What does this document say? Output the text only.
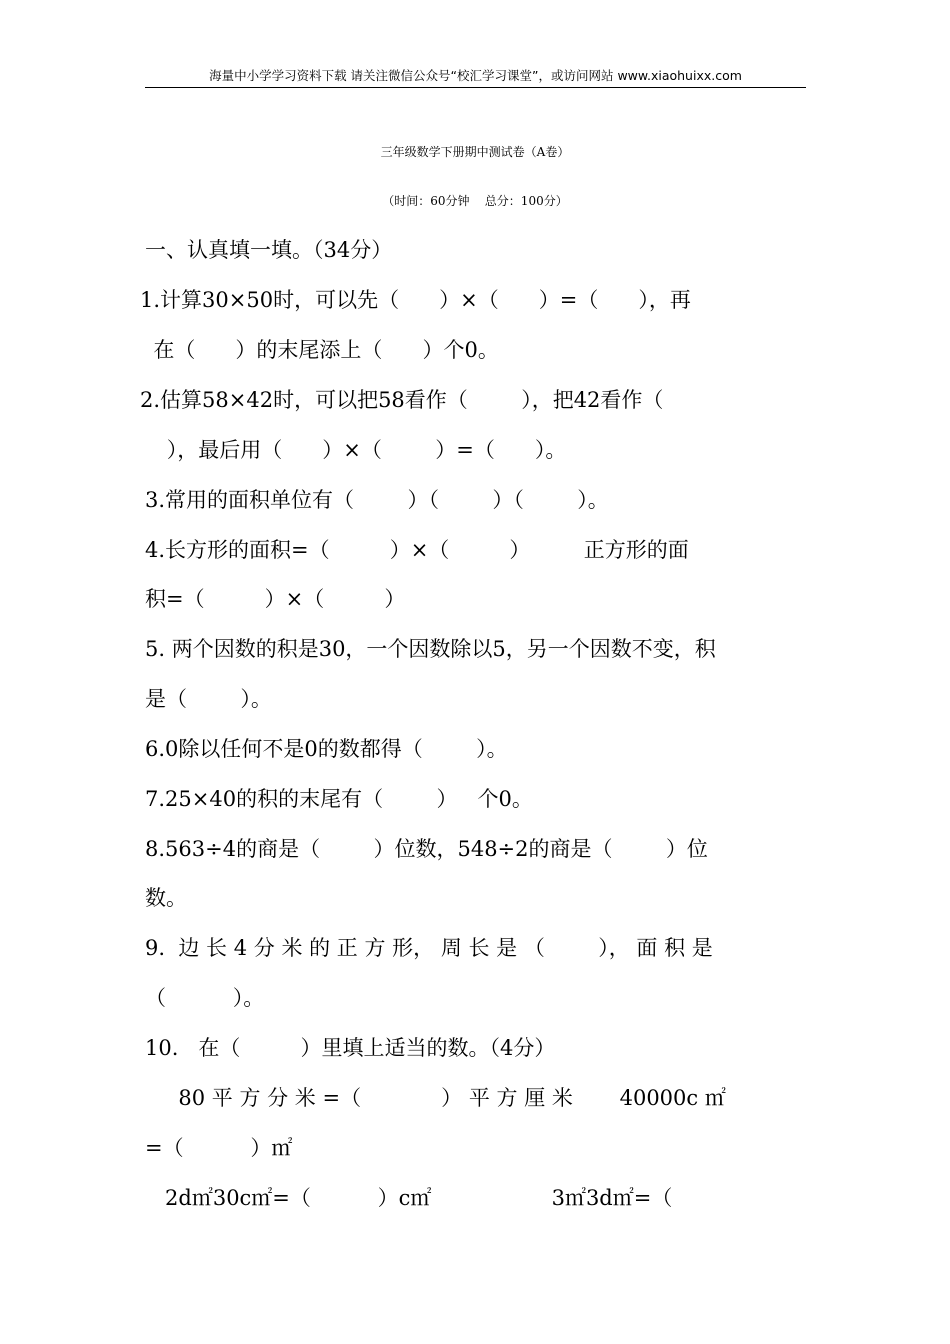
海量中小学学习资料下载 请关注微信公众号“校汇学习课堂”，或访问网站 www.xiaohuixx.com
三年级数学下册期中测试卷（A卷）
（时间：60分钟    总分：100分）
一、认真填一填。（34分）
1.计算30×50时，可以先（      ）×（      ）=（      ），再
在（      ）的末尾添上（      ）个0。
2.估算58×42时，可以把58看作（        ），把42看作（
），最后用（      ）×（        ）=（      ）。
3.常用的面积单位有（        ）（        ）（        ）。
4.长方形的面积=（         ）×（         ）        正方形的面
积=（         ）×（         ）
5. 两个因数的积是30，一个因数除以5，另一个因数不变，积
是（        ）。
6.0除以任何不是0的数都得（        ）。
7.25×40的积的末尾有（        ）   个0。
8.563÷4的商是（        ）位数，548÷2的商是（        ）位
数。
9.  边 长 4 分 米 的 正 方 形， 周 长 是 （        ）， 面 积 是
（          ）。
10.   在（         ）里填上适当的数。（4分）
80 平 方 分 米 =（            ） 平 方 厘 米       40000c ㎡
=（          ）㎡
2d㎡30c㎡=（          ）c㎡                  3㎡3d㎡=（
